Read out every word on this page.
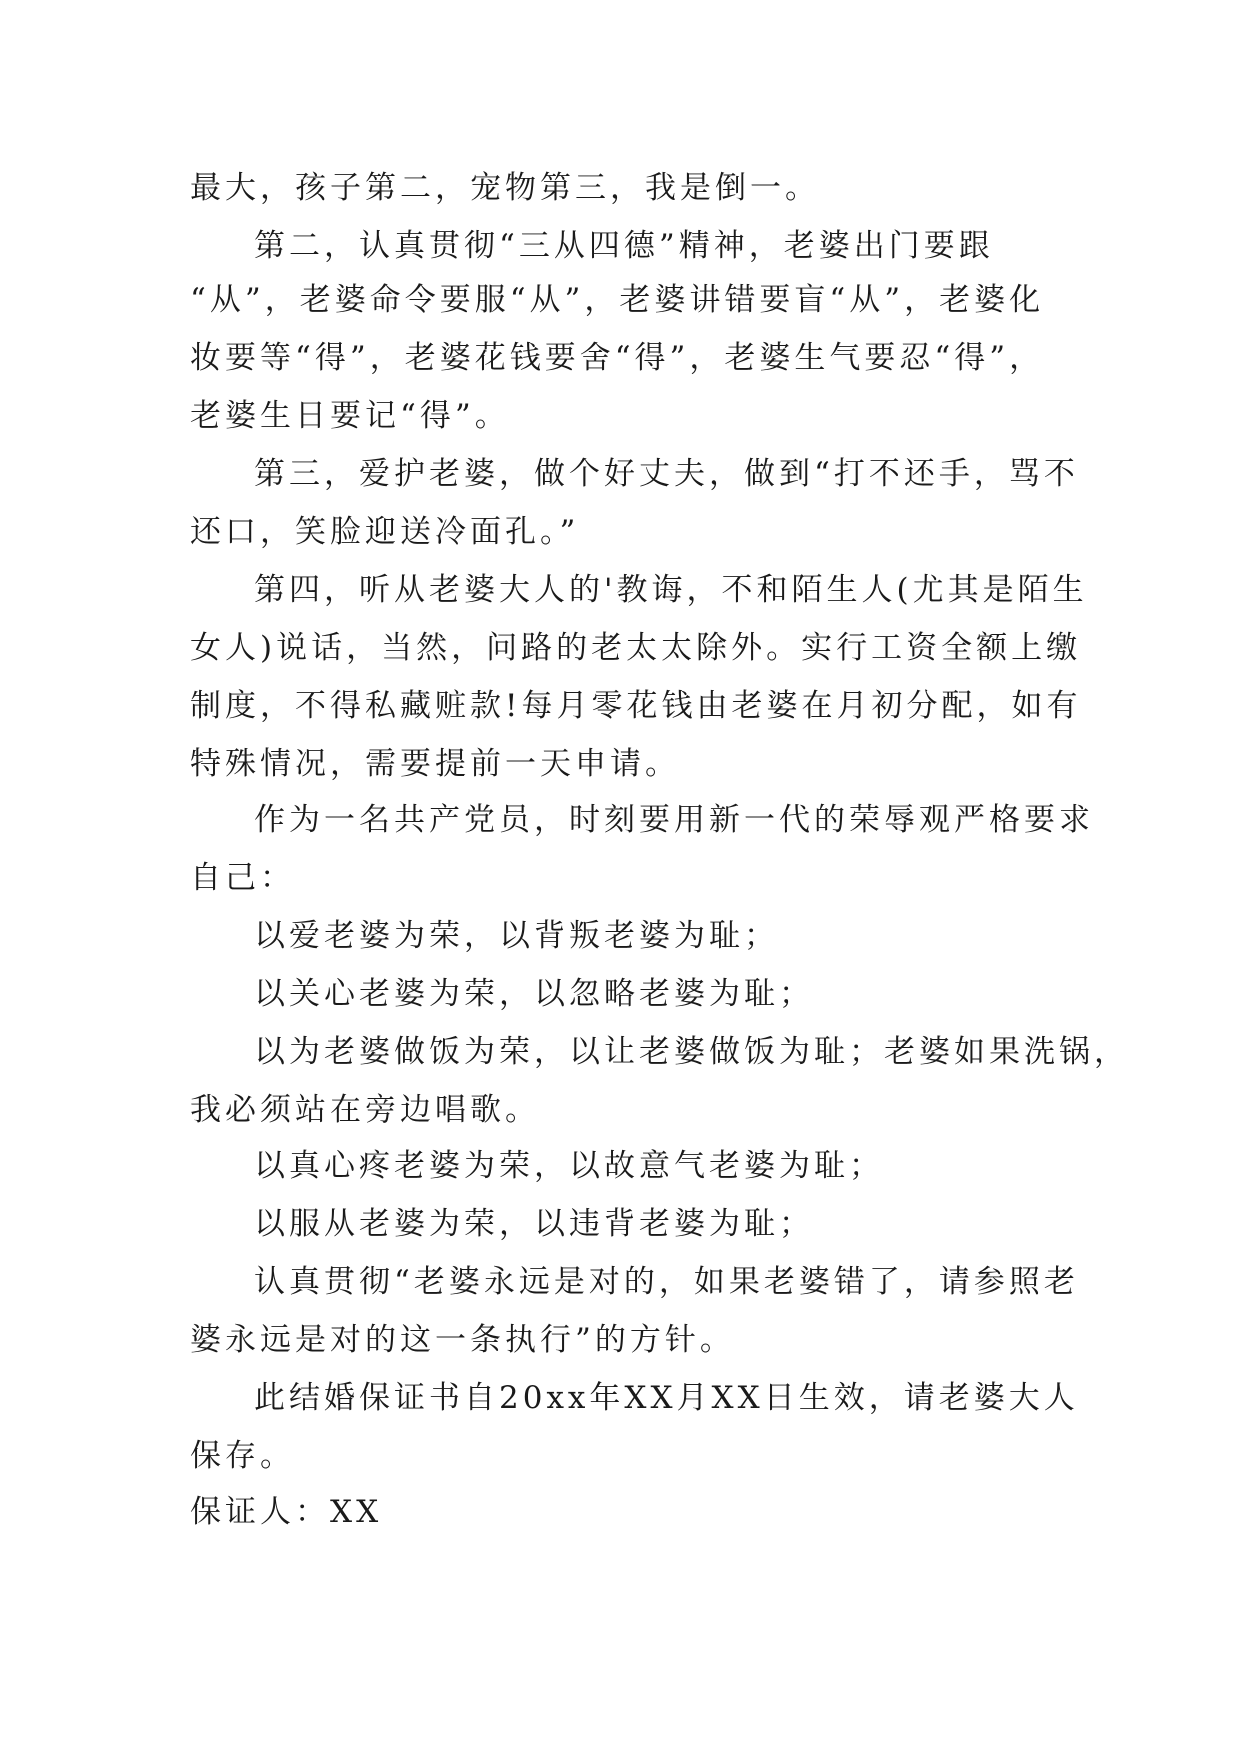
最大，孩子第二，宠物第三，我是倒一。
第二，认真贯彻“三从四德”精神，老婆出门要跟
“从”，老婆命令要服“从”，老婆讲错要盲“从”，老婆化
妆要等“得”，老婆花钱要舍“得”，老婆生气要忍“得”，
老婆生日要记“得”。
第三，爱护老婆，做个好丈夫，做到“打不还手，骂不
还口，笑脸迎送冷面孔。”
第四，听从老婆大人的'教诲，不和陌生人(尤其是陌生
女人)说话，当然，问路的老太太除外。实行工资全额上缴
制度，不得私藏赃款!每月零花钱由老婆在月初分配，如有
特殊情况，需要提前一天申请。
作为一名共产党员，时刻要用新一代的荣辱观严格要求
自己：
以爱老婆为荣，以背叛老婆为耻；
以关心老婆为荣，以忽略老婆为耻；
以为老婆做饭为荣，以让老婆做饭为耻；老婆如果洗锅，
我必须站在旁边唱歌。
以真心疼老婆为荣，以故意气老婆为耻；
以服从老婆为荣，以违背老婆为耻；
认真贯彻“老婆永远是对的，如果老婆错了，请参照老
婆永远是对的这一条执行”的方针。
此结婚保证书自20xx年XX月XX日生效，请老婆大人
保存。
保证人：XX
